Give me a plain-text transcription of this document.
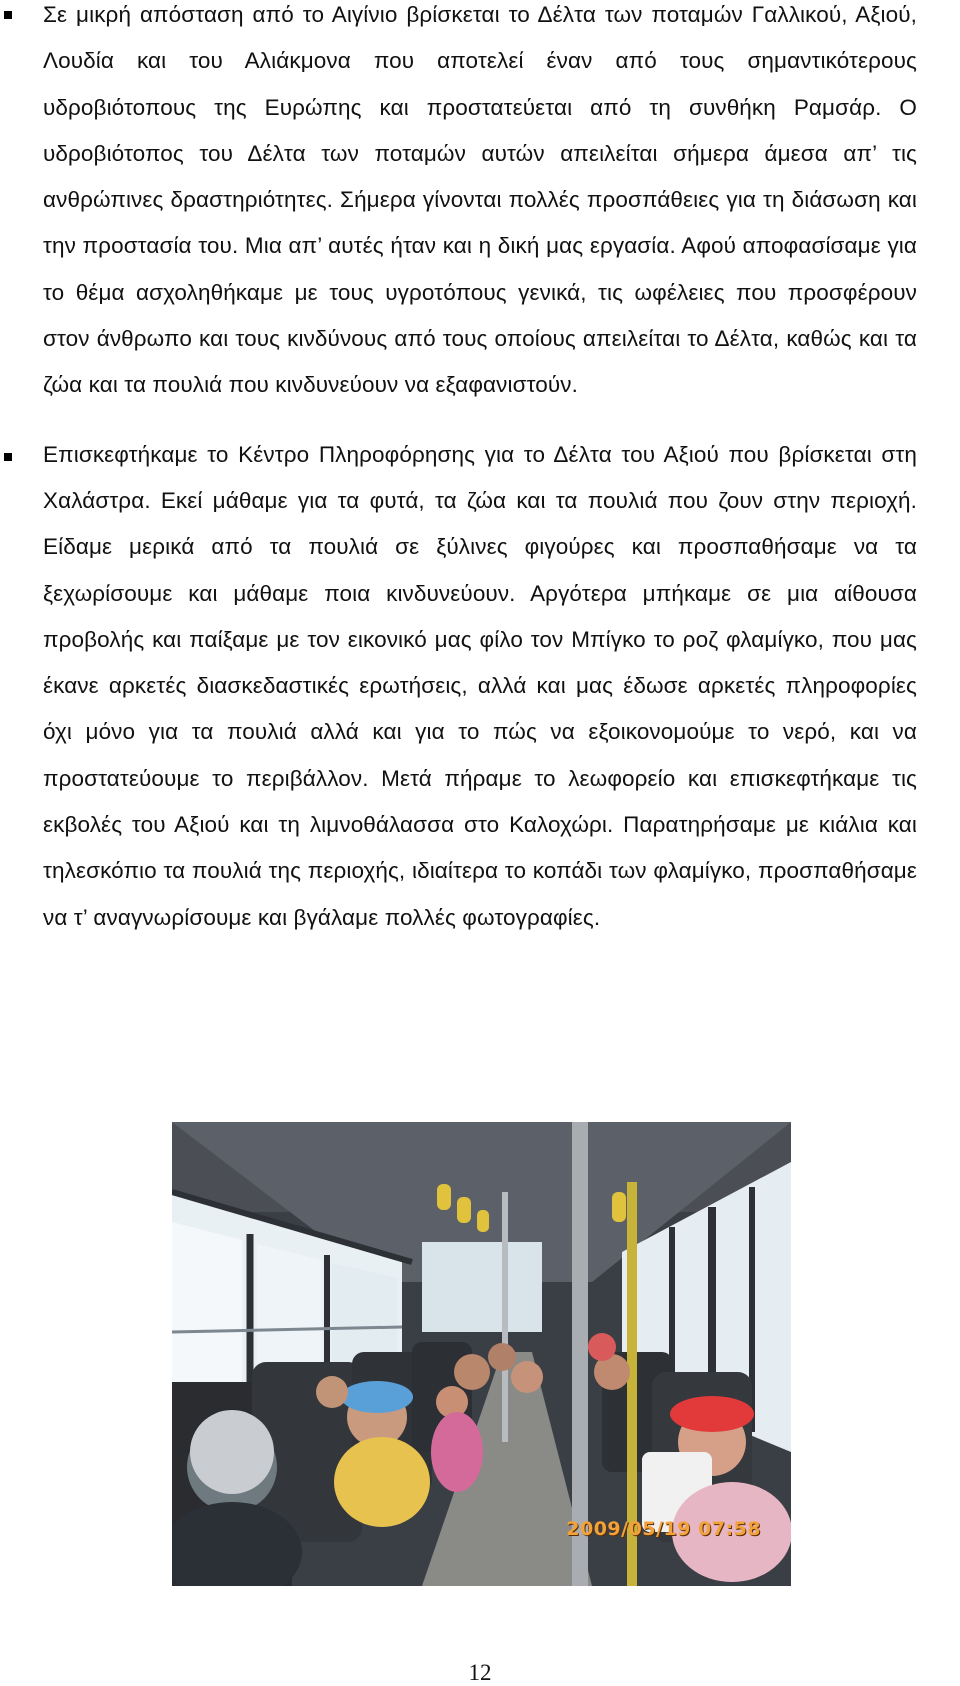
Σε μικρή απόσταση από το Αιγίνιο βρίσκεται το Δέλτα των ποταμών Γαλλικού, Αξιού, Λουδία και του Αλιάκμονα που αποτελεί έναν από τους σημαντικότερους υδροβιότοπους της Ευρώπης και προστατεύεται από τη συνθήκη Ραμσάρ. Ο υδροβιότοπος του Δέλτα των ποταμών αυτών απειλείται σήμερα άμεσα απ’ τις ανθρώπινες δραστηριότητες. Σήμερα γίνονται πολλές προσπάθειες για τη διάσωση και την προστασία του. Μια απ’ αυτές ήταν και η δική μας εργασία. Αφού αποφασίσαμε για το θέμα ασχοληθήκαμε με τους υγροτόπους γενικά, τις ωφέλειες που προσφέρουν στον άνθρωπο και τους κινδύνους από τους οποίους απειλείται το Δέλτα, καθώς και τα ζώα και τα πουλιά που κινδυνεύουν να εξαφανιστούν.

Επισκεφτήκαμε το Κέντρο Πληροφόρησης για το Δέλτα του Αξιού που βρίσκεται στη Χαλάστρα. Εκεί μάθαμε για τα φυτά, τα ζώα και τα πουλιά που ζουν στην περιοχή. Είδαμε μερικά από τα πουλιά σε ξύλινες φιγούρες και προσπαθήσαμε να τα ξεχωρίσουμε και μάθαμε ποια κινδυνεύουν. Αργότερα μπήκαμε σε μια αίθουσα προβολής και παίξαμε με τον εικονικό μας φίλο τον Μπίγκο το ροζ φλαμίγκο, που μας έκανε αρκετές διασκεδαστικές ερωτήσεις, αλλά και μας έδωσε αρκετές πληροφορίες όχι μόνο για τα πουλιά αλλά και για το πώς να εξοικονομούμε το νερό, και να προστατεύουμε το περιβάλλον. Μετά πήραμε το λεωφορείο και επισκεφτήκαμε τις εκβολές του Αξιού και τη λιμνοθάλασσα στο Καλοχώρι. Παρατηρήσαμε με κιάλια και τηλεσκόπιο τα πουλιά της περιοχής, ιδιαίτερα το κοπάδι των φλαμίγκο, προσπαθήσαμε να τ’ αναγνωρίσουμε και βγάλαμε πολλές φωτογραφίες.

2009/05/19 07:58
12
